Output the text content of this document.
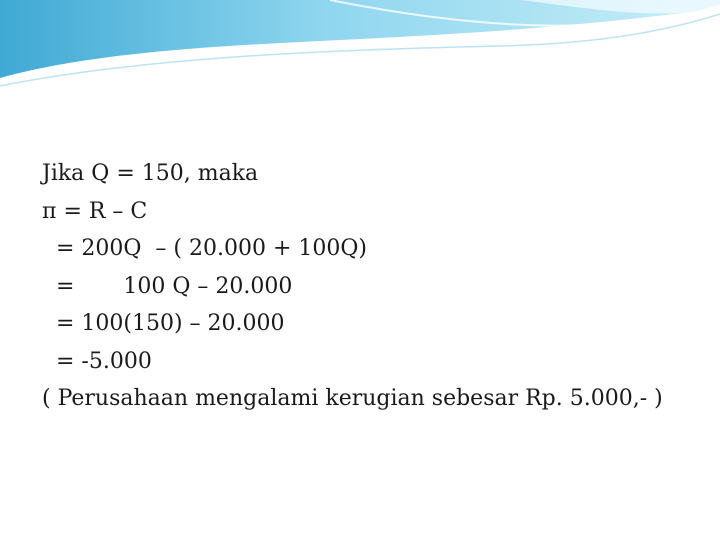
Jika Q = 150, maka
π = R – C
= 200Q  – ( 20.000 + 100Q)
=       100 Q – 20.000
= 100(150) – 20.000
= -5.000
( Perusahaan mengalami kerugian sebesar Rp. 5.000,- )
